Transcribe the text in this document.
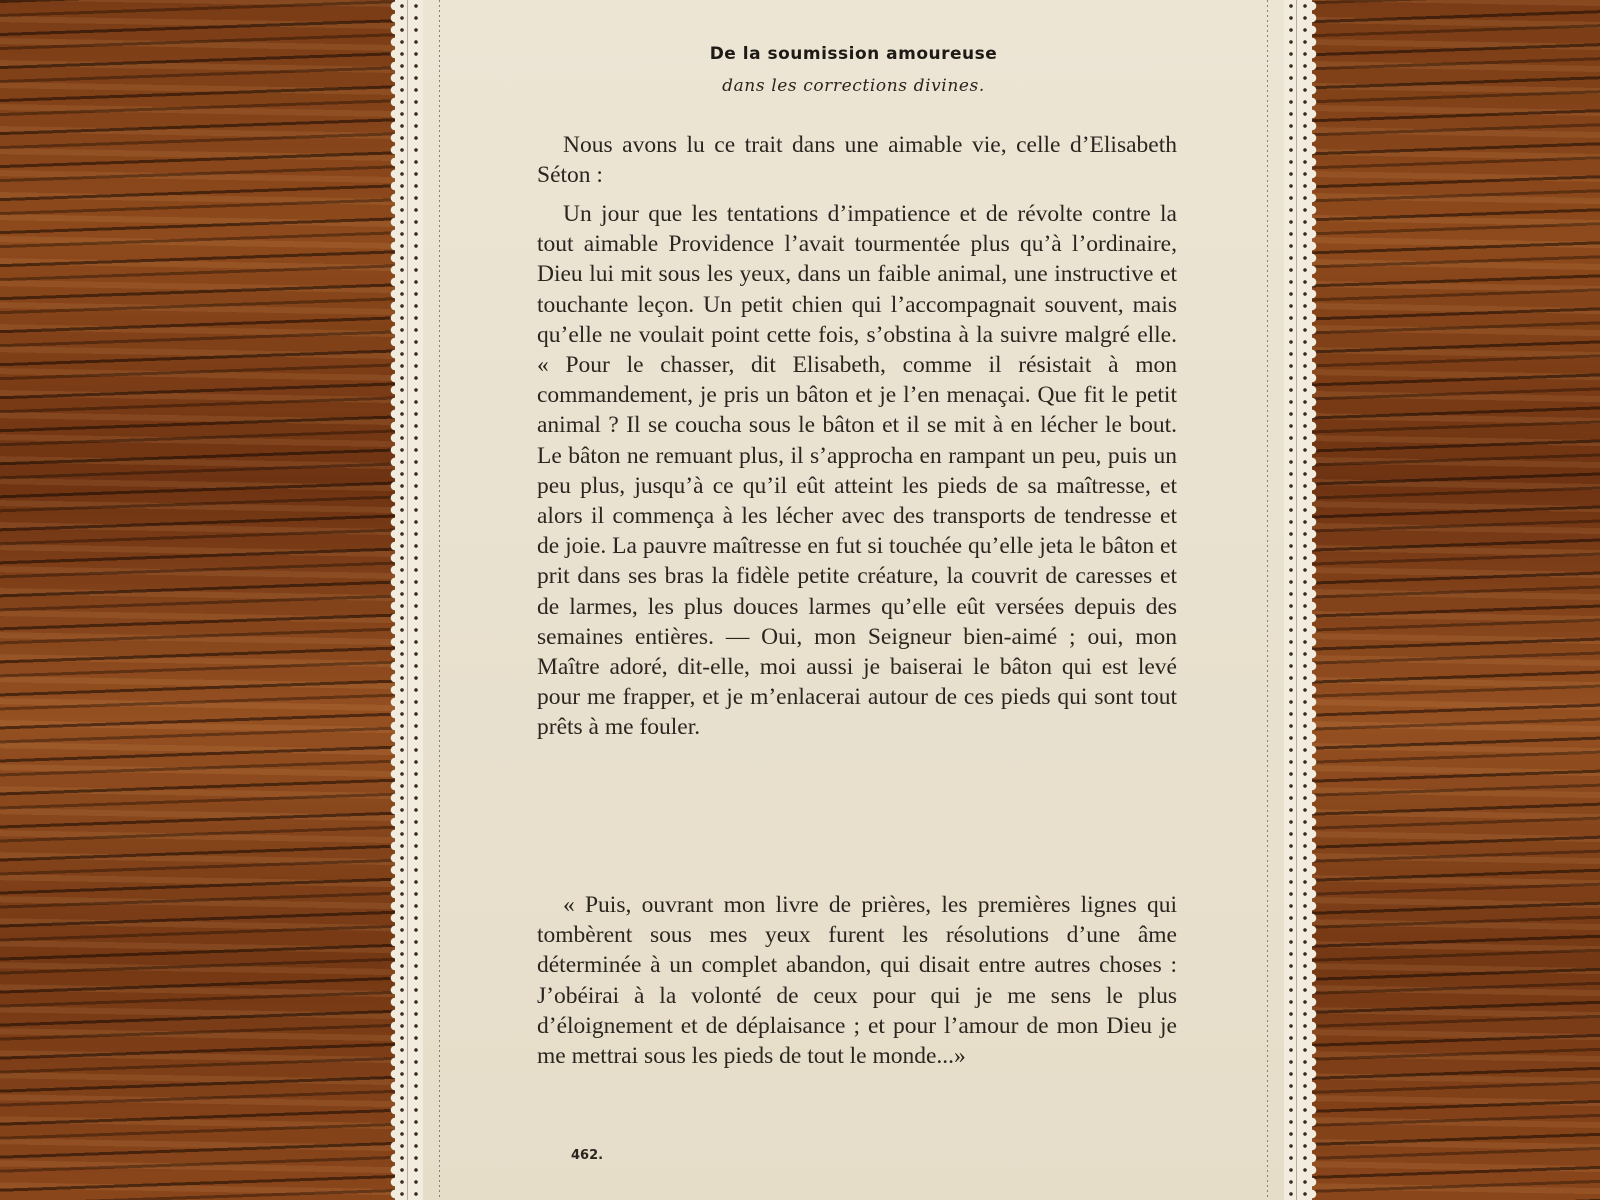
De la soumission amoureuse
dans les corrections divines.

Nous avons lu ce trait dans une aimable vie, celle d’Elisabeth Séton :

Un jour que les tentations d’impatience et de révolte contre la tout aimable Providence l’avait tourmentée plus qu’à l’ordinaire, Dieu lui mit sous les yeux, dans un faible animal, une instructive et touchante leçon. Un petit chien qui l’accompagnait souvent, mais qu’elle ne voulait point cette fois, s’obstina à la suivre malgré elle. « Pour le chasser, dit Elisabeth, comme il résistait à mon commandement, je pris un bâton et je l’en menaçai. Que fit le petit animal ? Il se coucha sous le bâton et il se mit à en lécher le bout. Le bâton ne remuant plus, il s’approcha en rampant un peu, puis un peu plus, jusqu’à ce qu’il eût atteint les pieds de sa maîtresse, et alors il commença à les lécher avec des transports de tendresse et de joie. La pauvre maîtresse en fut si touchée qu’elle jeta le bâton et prit dans ses bras la fidèle petite créature, la couvrit de caresses et de larmes, les plus douces larmes qu’elle eût versées depuis des semaines entières. — Oui, mon Seigneur bien-aimé ; oui, mon Maître adoré, dit-elle, moi aussi je baiserai le bâton qui est levé pour me frapper, et je m’enlacerai autour de ces pieds qui sont tout prêts à me fouler.

« Puis, ouvrant mon livre de prières, les premières lignes qui tombèrent sous mes yeux furent les résolutions d’une âme déterminée à un complet abandon, qui disait entre autres choses : J’obéirai à la volonté de ceux pour qui je me sens le plus d’éloignement et de déplaisance ; et pour l’amour de mon Dieu je me mettrai sous les pieds de tout le monde...»

462.
